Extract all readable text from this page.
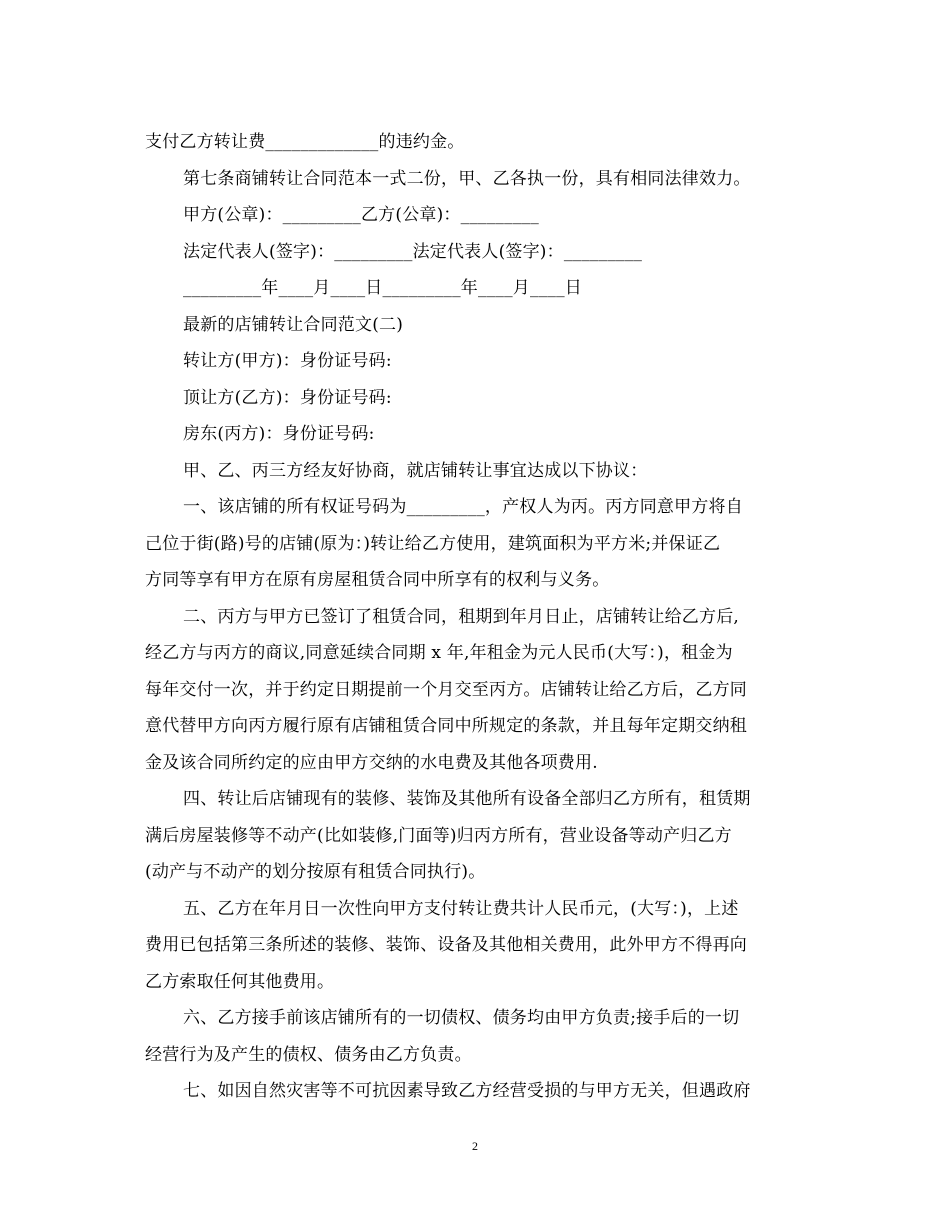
支付乙方转让费_____________的违约金。
第七条商铺转让合同范本一式二份，甲、乙各执一份，具有相同法律效力。
甲方(公章)：_________乙方(公章)：_________
法定代表人(签字)：_________法定代表人(签字)：_________
_________年____月____日_________年____月____日
最新的店铺转让合同范文(二)
转让方(甲方)：身份证号码:
顶让方(乙方)：身份证号码:
房东(丙方)：身份证号码:
甲、乙、丙三方经友好协商，就店铺转让事宜达成以下协议：
一、该店铺的所有权证号码为_________，产权人为丙。丙方同意甲方将自
己位于街(路)号的店铺(原为：)转让给乙方使用，建筑面积为平方米;并保证乙
方同等享有甲方在原有房屋租赁合同中所享有的权利与义务。
二、丙方与甲方已签订了租赁合同，租期到年月日止，店铺转让给乙方后,
经乙方与丙方的商议,同意延续合同期 x 年,年租金为元人民币(大写：)，租金为
每年交付一次，并于约定日期提前一个月交至丙方。店铺转让给乙方后，乙方同
意代替甲方向丙方履行原有店铺租赁合同中所规定的条款，并且每年定期交纳租
金及该合同所约定的应由甲方交纳的水电费及其他各项费用.
四、转让后店铺现有的装修、装饰及其他所有设备全部归乙方所有，租赁期
满后房屋装修等不动产(比如装修,门面等)归丙方所有，营业设备等动产归乙方
(动产与不动产的划分按原有租赁合同执行)。
五、乙方在年月日一次性向甲方支付转让费共计人民币元，(大写：)，上述
费用已包括第三条所述的装修、装饰、设备及其他相关费用，此外甲方不得再向
乙方索取任何其他费用。
六、乙方接手前该店铺所有的一切债权、债务均由甲方负责;接手后的一切
经营行为及产生的债权、债务由乙方负责。
七、如因自然灾害等不可抗因素导致乙方经营受损的与甲方无关，但遇政府
2
